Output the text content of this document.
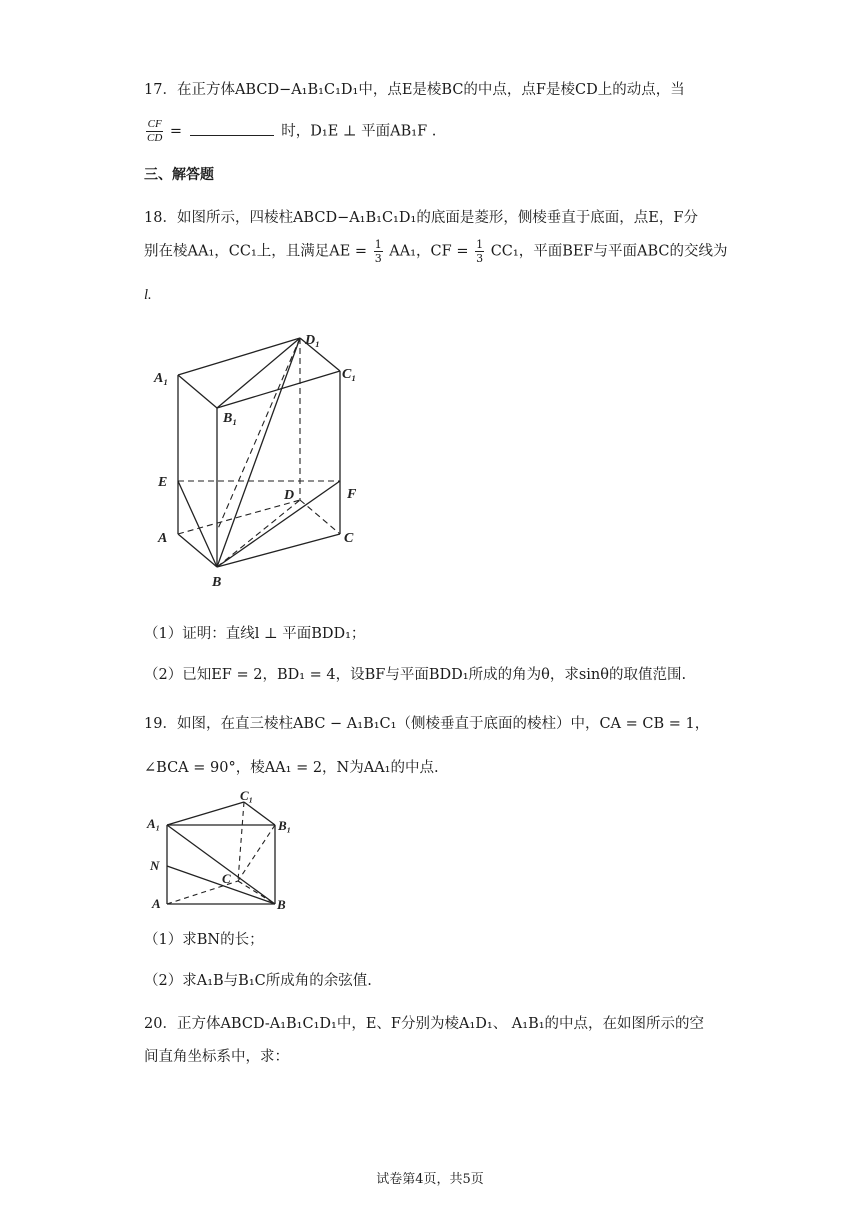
17．在正方体ABCD−A₁B₁C₁D₁中，点E是棱BC的中点，点F是棱CD上的动点，当
$\frac{CF}{CD}$ =	时，D₁E ⊥ 平面AB₁F .
三、解答题
18．如图所示，四棱柱ABCD−A₁B₁C₁D₁的底面是菱形，侧棱垂直于底面，点E，F分
别在棱AA₁，CC₁上，且满足AE = $\frac{1}{3} AA_1$，CF = $\frac{1}{3} CC_1$，平面BEF与平面ABC的交线为
l.
D₁
A₁	C₁
B₁
E
D	F
A	C
B
（1）证明：直线l ⊥ 平面BDD₁；
（2）已知EF = 2，BD₁ = 4，设BF与平面BDD₁所成的角为θ，求sinθ的取值范围.
19．如图，在直三棱柱ABC − A₁B₁C₁（侧棱垂直于底面的棱柱）中，CA = CB = 1，
∠BCA = 90°，棱AA₁ = 2，N为AA₁的中点.
C₁
A₁	B₁
N
C
A	B
（1）求BN的长；
（2）求A₁B与B₁C所成角的余弦值.
20．正方体ABCD-A₁B₁C₁D₁中，E、F分别为棱A₁D₁、 A₁B₁的中点，在如图所示的空
间直角坐标系中，求：
试卷第4页，共5页
